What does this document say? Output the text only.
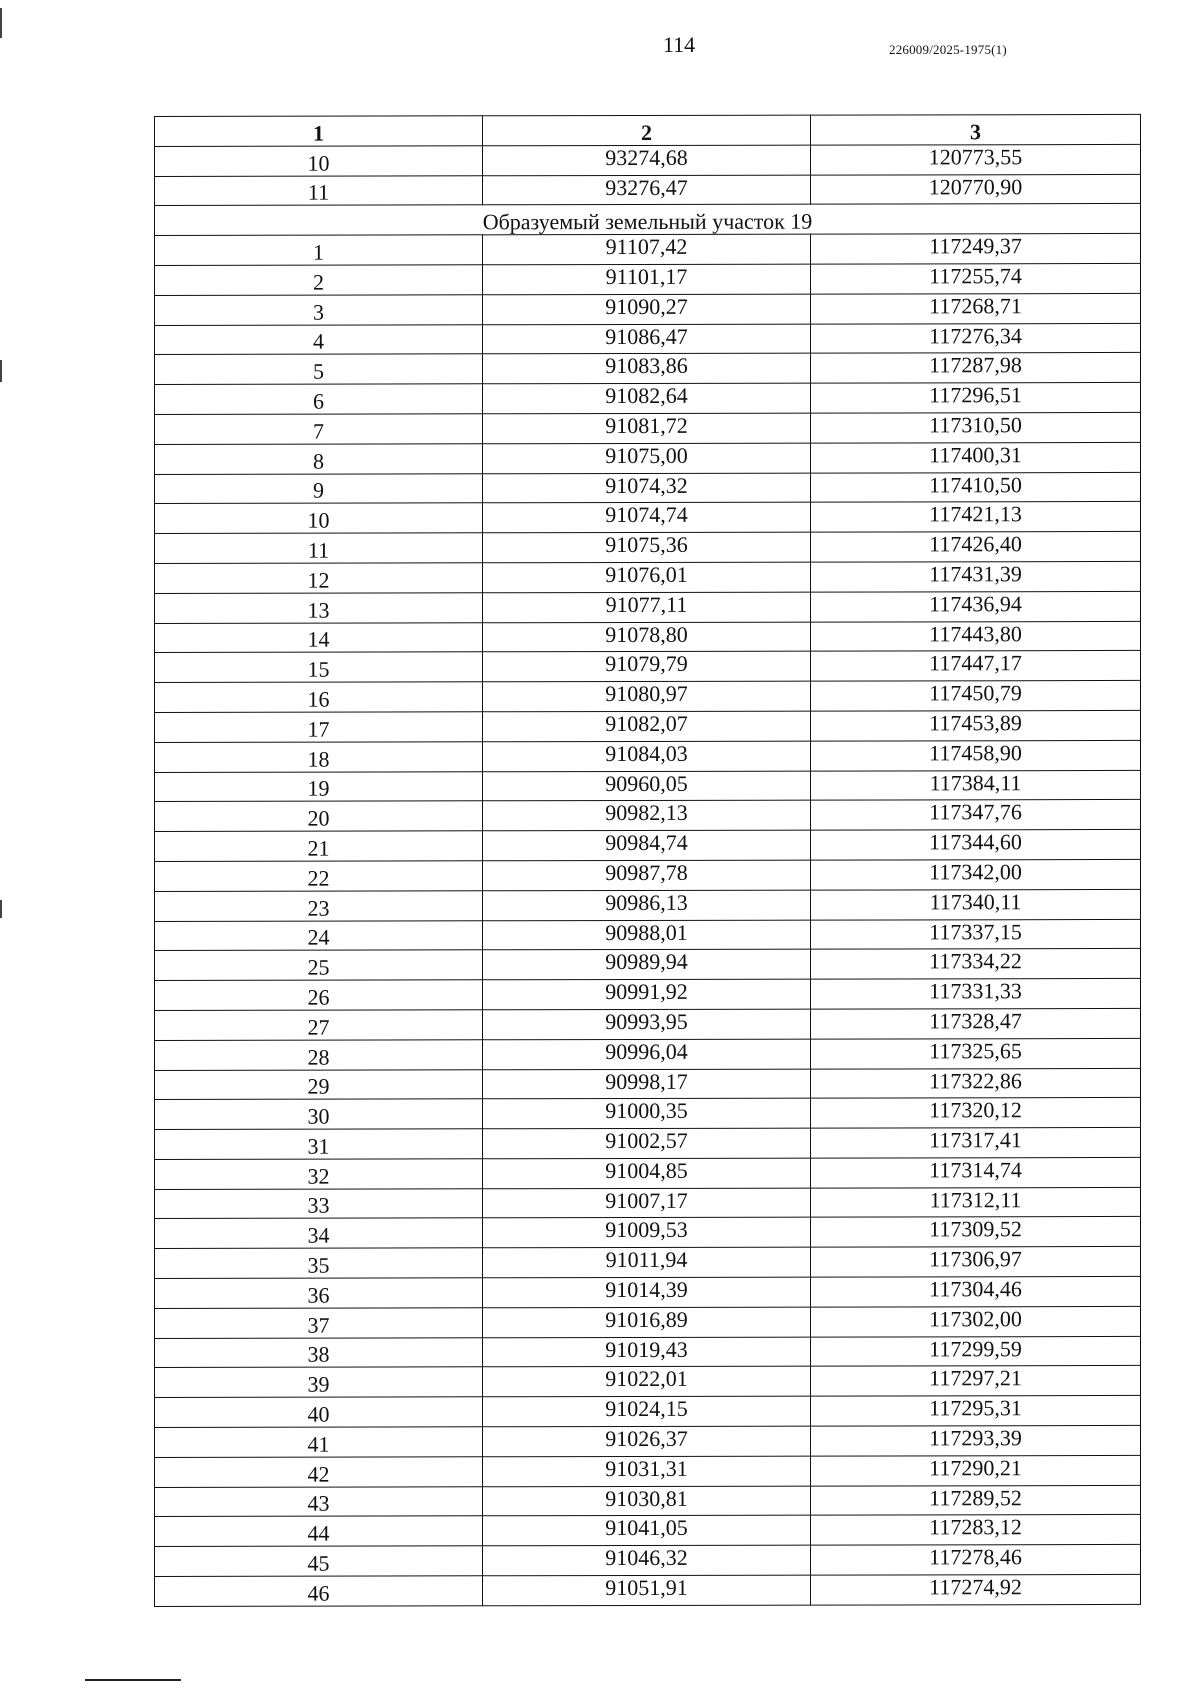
114	226009/2025-1975(1)
1	2	3
10	93274,68	120773,55
11	93276,47	120770,90
Образуемый земельный участок 19		
1	91107,42	117249,37
2	91101,17	117255,74
3	91090,27	117268,71
4	91086,47	117276,34
5	91083,86	117287,98
6	91082,64	117296,51
7	91081,72	117310,50
8	91075,00	117400,31
9	91074,32	117410,50
10	91074,74	117421,13
11	91075,36	117426,40
12	91076,01	117431,39
13	91077,11	117436,94
14	91078,80	117443,80
15	91079,79	117447,17
16	91080,97	117450,79
17	91082,07	117453,89
18	91084,03	117458,90
19	90960,05	117384,11
20	90982,13	117347,76
21	90984,74	117344,60
22	90987,78	117342,00
23	90986,13	117340,11
24	90988,01	117337,15
25	90989,94	117334,22
26	90991,92	117331,33
27	90993,95	117328,47
28	90996,04	117325,65
29	90998,17	117322,86
30	91000,35	117320,12
31	91002,57	117317,41
32	91004,85	117314,74
33	91007,17	117312,11
34	91009,53	117309,52
35	91011,94	117306,97
36	91014,39	117304,46
37	91016,89	117302,00
38	91019,43	117299,59
39	91022,01	117297,21
40	91024,15	117295,31
41	91026,37	117293,39
42	91031,31	117290,21
43	91030,81	117289,52
44	91041,05	117283,12
45	91046,32	117278,46
46	91051,91	117274,92
